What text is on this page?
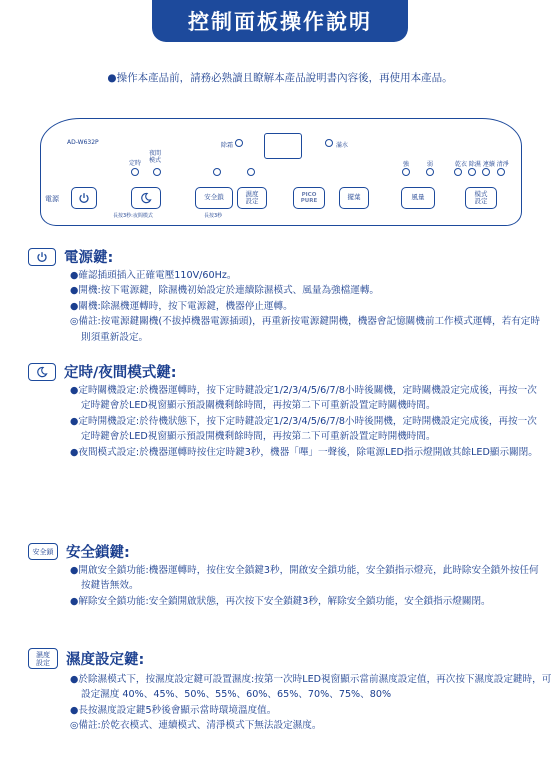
控制面板操作說明
●操作本產品前，請務必熟讀且瞭解本產品說明書內容後，再使用本產品。
AD-W632P	除霜	滿水
定時
夜間
模式
強	弱	乾衣 除濕 連續 清淨
電源
長按3秒:夜間模式
安全鎖
長按3秒
濕度
設定
PICO
PURE	擺葉	風量	模式
設定
電源鍵:

●確認插頭插入正確電壓110V/60Hz。

●開機:按下電源鍵，除濕機初始設定於連續除濕模式、風量為強檔運轉。

●關機:除濕機運轉時，按下電源鍵，機器停止運轉。

◎備註:按電源鍵關機(不拔掉機器電源插頭)，再重新按電源鍵開機，機器會記憶關機前工作模式運轉，若有定時則須重新設定。

定時/夜間模式鍵:

●定時關機設定:於機器運轉時，按下定時鍵設定1/2/3/4/5/6/7/8小時後關機，定時關機設定完成後，再按一次定時鍵會於LED視窗顯示預設關機剩餘時間，再按第二下可重新設置定時關機時間。

●定時開機設定:於待機狀態下，按下定時鍵設定1/2/3/4/5/6/7/8小時後開機，定時開機設定完成後，再按一次定時鍵會於LED視窗顯示預設開機剩餘時間，再按第二下可重新設置定時開機時間。

●夜間模式設定:於機器運轉時按住定時鍵3秒，機器「嗶」一聲後，除電源LED指示燈開啟其餘LED顯示關閉。

安全鎖 安全鎖鍵:

●開啟安全鎖功能:機器運轉時，按住安全鎖鍵3秒，開啟安全鎖功能，安全鎖指示燈亮，此時除安全鎖外按任何按鍵皆無效。

●解除安全鎖功能:安全鎖開啟狀態，再次按下安全鎖鍵3秒，解除安全鎖功能，安全鎖指示燈關閉。

濕度
設定	濕度設定鍵:

●於除濕模式下，按濕度設定鍵可設置濕度:按第一次時LED視窗顯示當前濕度設定值，再次按下濕度設定鍵時，可設定濕度 40%、45%、50%、55%、60%、65%、70%、75%、80%

●長按濕度設定鍵5秒後會顯示當時環境溫度值。

◎備註:於乾衣模式、連續模式、清淨模式下無法設定濕度。
